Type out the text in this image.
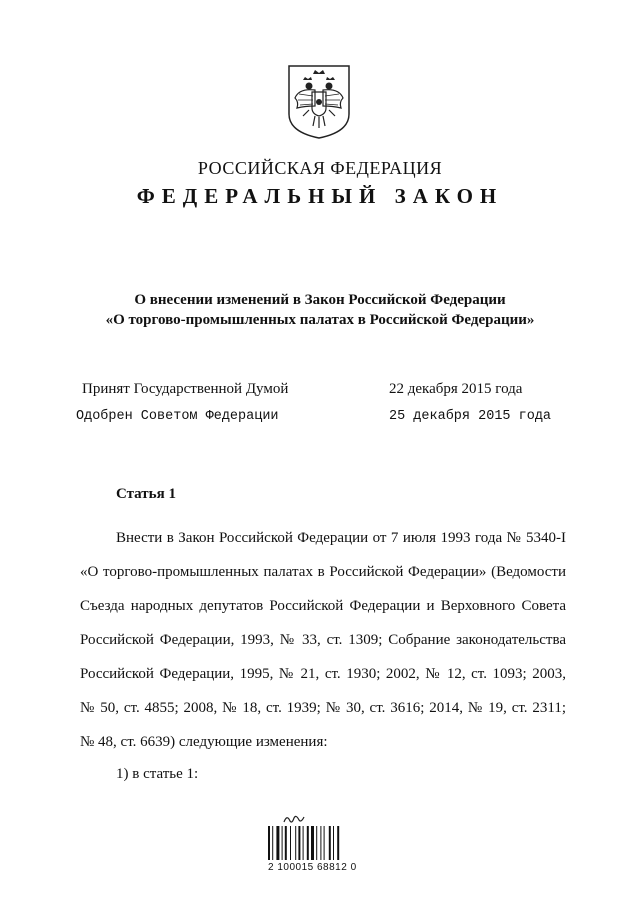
РОССИЙСКАЯ ФЕДЕРАЦИЯ
ФЕДЕРАЛЬНЫЙ ЗАКОН
О внесении изменений в Закон Российской Федерации
«О торгово-промышленных палатах в Российской Федерации»
Принят Государственной Думой	22 декабря 2015 года
Одобрен Советом Федерации	25 декабря 2015 года
Статья 1
Внести в Закон Российской Федерации от 7 июля 1993 года № 5340-I
«О торгово-промышленных палатах в Российской Федерации» (Ведомости
Съезда народных депутатов Российской Федерации и Верховного Совета
Российской Федерации, 1993, № 33, ст. 1309; Собрание законодательства
Российской Федерации, 1995, № 21, ст. 1930; 2002, № 12, ст. 1093; 2003,
№ 50, ст. 4855; 2008, № 18, ст. 1939; № 30, ст. 3616; 2014, № 19, ст. 2311;
№ 48, ст. 6639) следующие изменения:
1) в статье 1:
2 100015 68812 0
